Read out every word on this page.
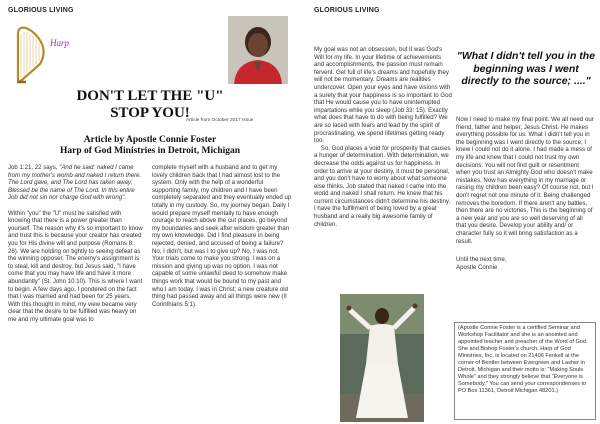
GLORIOUS LIVING
Harp
DON'T LET THE "U"
STOP YOU!
Article from October 2017 Issue
Article by Apostle Connie Foster
Harp of God Ministries in Detroit, Michigan
Job 1:21, 22 says, "And he said: naked I came from my mother's womb and naked I return there. The Lord gave, and The Lord has taken away; Blessed be the name of The Lord. In this entire Job did not sin nor charge God with wrong".

Within "you" the "U" must be satisfied with knowing that there is a power greater than yourself. The reason why it's so important to know and trust this is because your creator has created you for His divine will and purpose (Romans 8: 28). We are holding on tightly to seeing defeat as the winning opposer. The enemy's assignment is to steal, kill and destroy, but Jesus said, "I have come that you may have life and have it more abundantly" (St. John 10:10). This is where I want to begin. A few days ago, I pondered on the fact that I was married and had been for 25 years. With this thought in mind, my view became very clear that the desire to be fulfilled was heavy on me and my ultimate goal was to
complete myself with a husband and to get my lovely children back that I had almost lost to the system. Only with the help of a wonderful supporting family, my children and I have been completely separated and they eventually ended up totally in my custody. So, my journey began. Daily I would prepare myself mentally to have enough courage to reach above the cut places, go beyond my boundaries and seek after wisdom greater than my own knowledge. Did I find pleasure in being rejected, denied, and accused of being a failure? No, I didn't, but was I to give up? No, I was not. Your trials come to make you strong. I was on a mission and giving up was no option. I was not capable of some unlawful deed to somehow make things work that would be bound to my past and who I am today. I was in Christ; a new creature old thing had passed away and all things were new (II Corinthians 5:1).
GLORIOUS LIVING
My goal was not an obsession, but it was God's Will for my life. In your lifetime of achievements and accomplishments, the passion must remain fervent. Get full of life's dreams and hopefully they will not be momentary. Dreams are realities undercover. Open your eyes and have visions with a surety that your happiness is so important to God that He would cause you to have uninterrupted impartations while you sleep (Job 33: 15). Exactly what does that have to do with being fulfilled? We are so laced with fears and lead by the spirit of procrastinating, we spend lifetimes getting ready too.
So, God places a void for prosperity that causes a hunger of determination. With determination, we decrease the odds against us for happiness. In order to arrive at your destiny, it must be personal, and you don't have to worry about what someone else thinks. Job stated that naked I came into the world and naked I shall return. He knew that his current circumstances didn't determine his destiny. I have the fulfillment of being loved by a great husband and a really big awesome family of children.
"What I didn't tell you in the beginning was I went directly to the source; ...."
Now I need to make my final point. We all need our friend, father and helper, Jesus Christ. He makes everything possible for us. What I didn't tell you in the beginning was I went directly to the source; I knew I could not do it alone. I had made a mess of my life and knew that I could not trust my own decisions. You will not find guilt or resentment when you trust an Almighty God who doesn't make mistakes. Now has everything in my marriage or raising my children been easy? Of course not, but I don't regret not one minute of it. Being challenged removes the boredom. If there aren't any battles, then there are no victories. This is the beginning of a new year and you are so well deserving of all that you desire. Develop your ability and/ or character fully so it will bring satisfaction as a result.
Until the next time,
Apostle Connie
(Apostle Connie Foster is a certified Seminar and Workshop Facilitator and she is an anointed and appointed teacher and preacher of the Word of God. She and Bishop Foster's church, Harp of God Ministries, Inc. is located on 21406 Fenkell at the corner of Bentler between Evergreen and Lasher in Detroit, Michigan and their motto is: "Making Souls Whole" and they strongly believe that "Everyone is Somebody." You can send your correspondenses to PO Box 11361, Detroit Michigan 48201.)
